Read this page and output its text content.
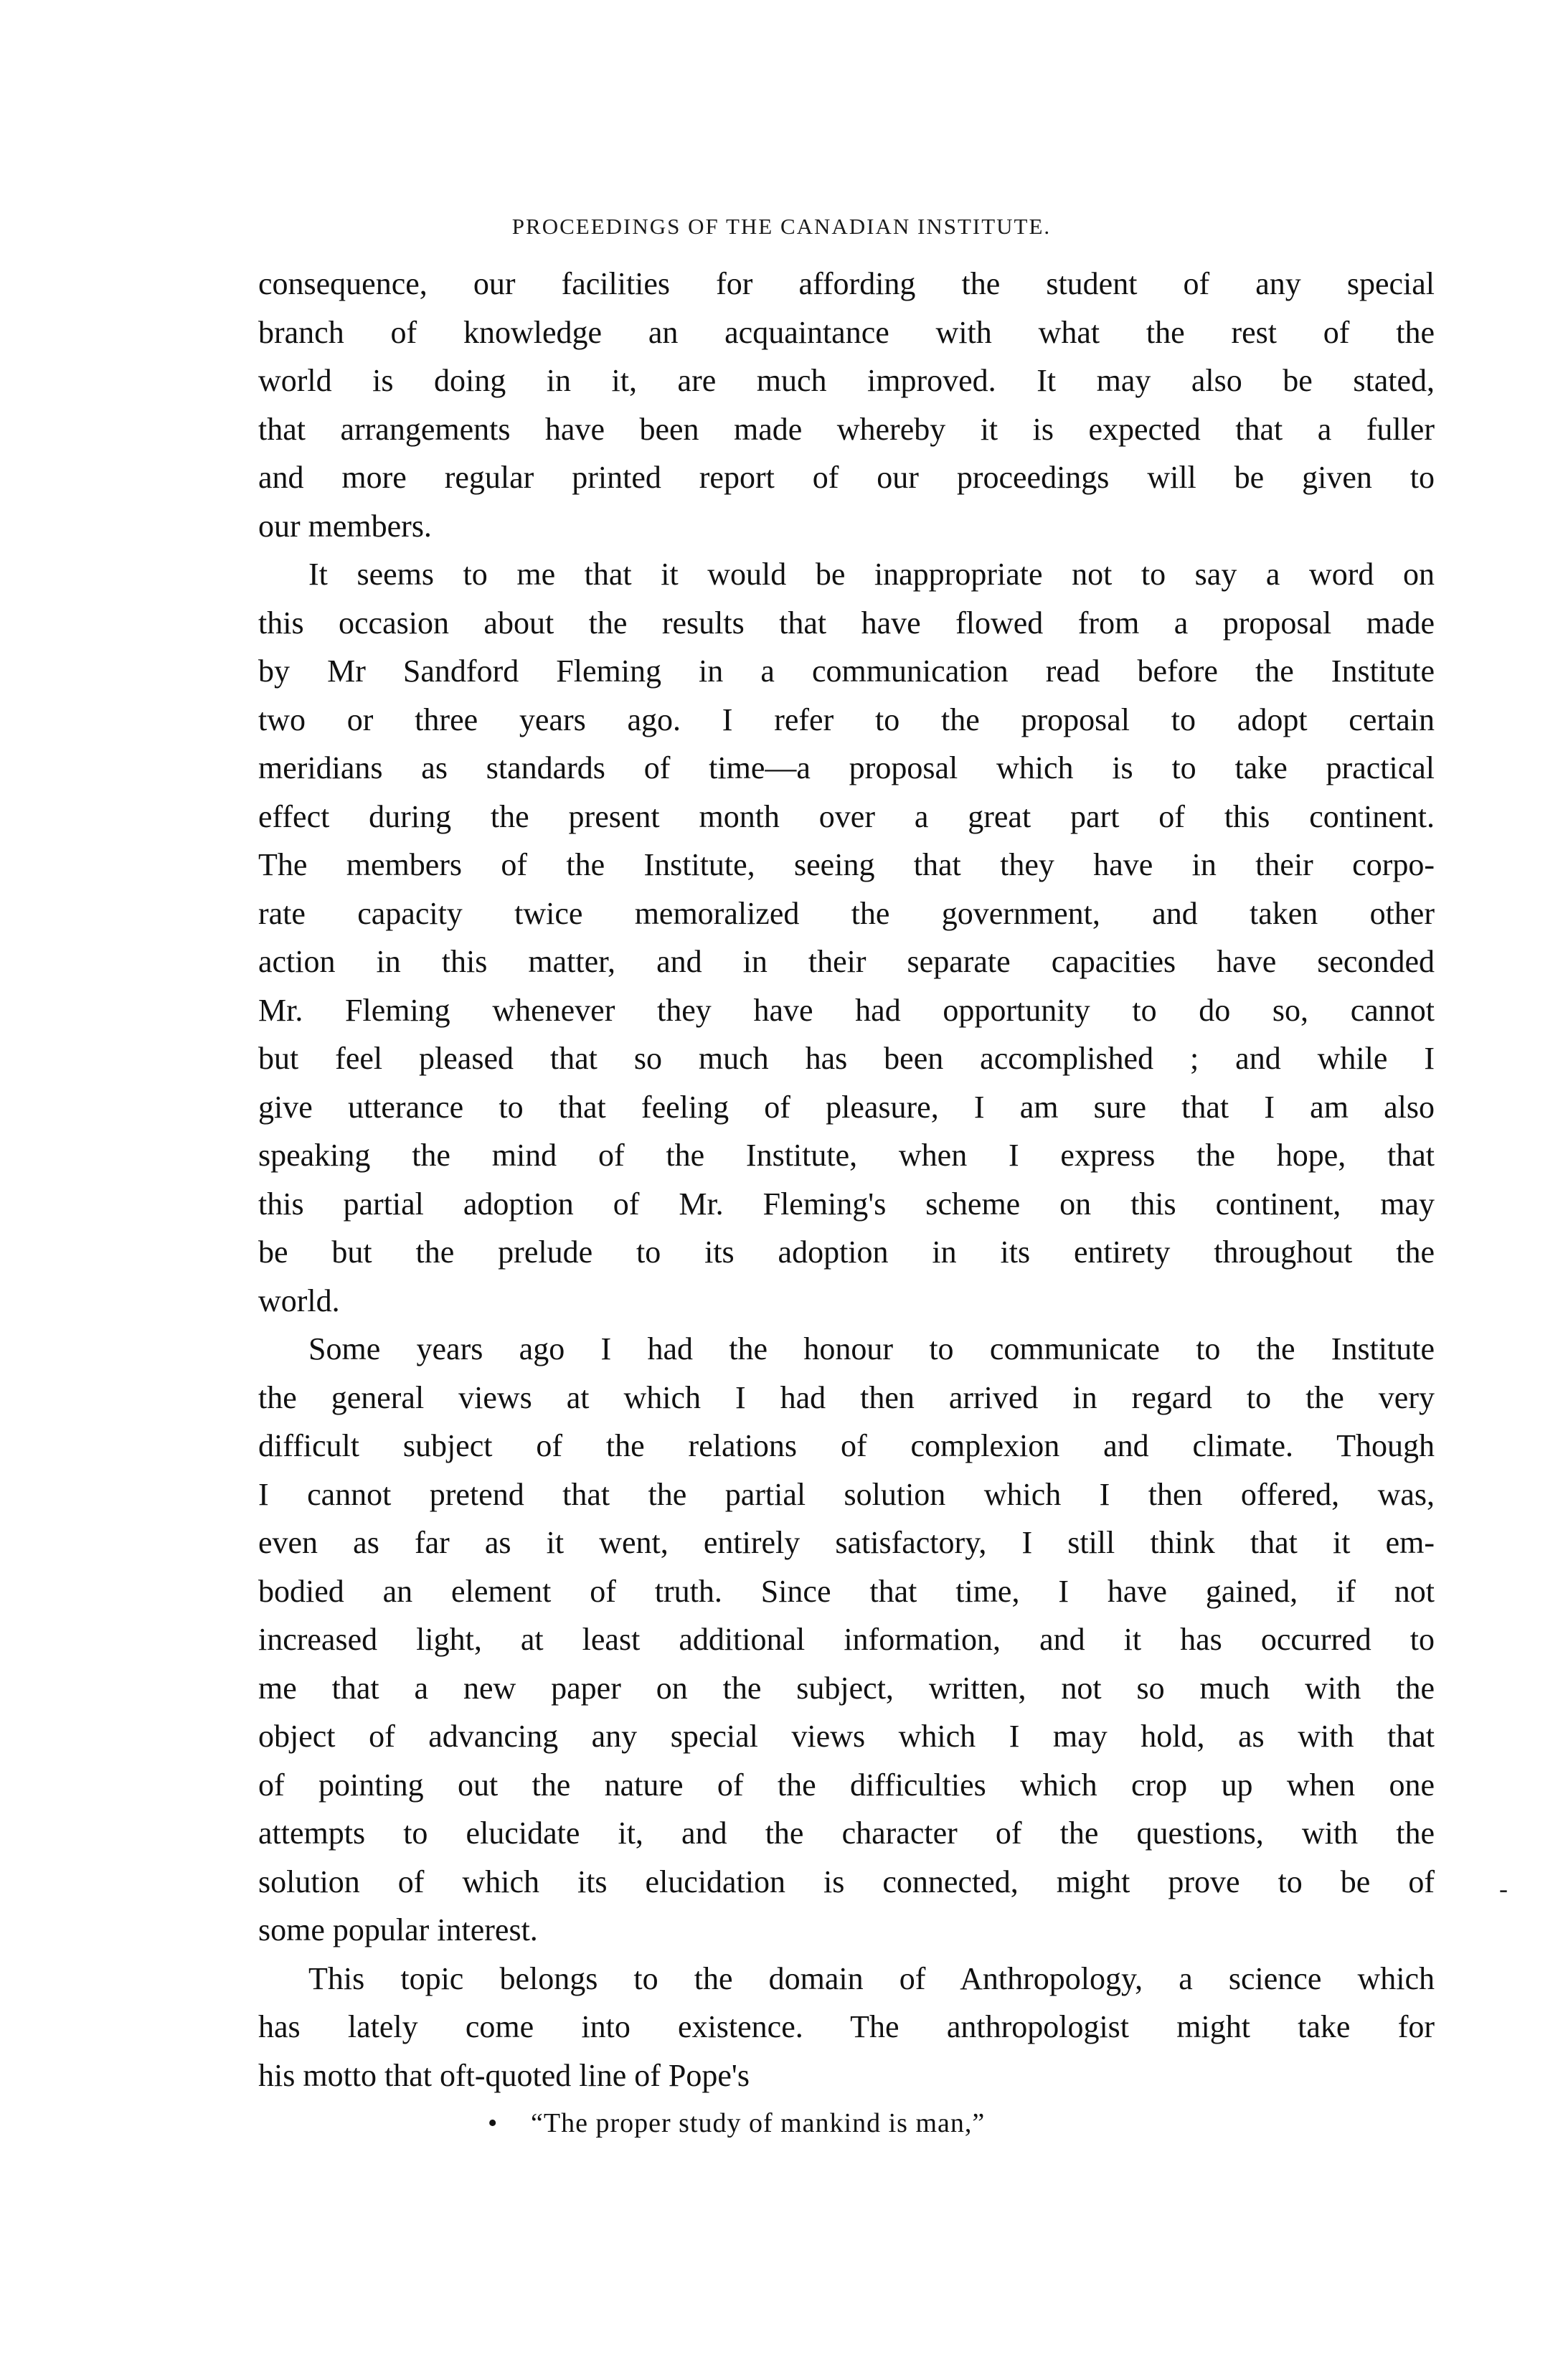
PROCEEDINGS OF THE CANADIAN INSTITUTE.
consequence, our facilities for affording the student of any special
branch of knowledge an acquaintance with what the rest of the
world is doing in it, are much improved. It may also be stated,
that arrangements have been made whereby it is expected that a fuller
and more regular printed report of our proceedings will be given to
our members.
It seems to me that it would be inappropriate not to say a word on
this occasion about the results that have flowed from a proposal made
by Mr Sandford Fleming in a communication read before the Institute
two or three years ago. I refer to the proposal to adopt certain
meridians as standards of time—a proposal which is to take practical
effect during the present month over a great part of this continent.
The members of the Institute, seeing that they have in their corpo-
rate capacity twice memoralized the government, and taken other
action in this matter, and in their separate capacities have seconded
Mr. Fleming whenever they have had opportunity to do so, cannot
but feel pleased that so much has been accomplished ; and while I
give utterance to that feeling of pleasure, I am sure that I am also
speaking the mind of the Institute, when I express the hope, that
this partial adoption of Mr. Fleming's scheme on this continent, may
be but the prelude to its adoption in its entirety throughout the
world.
Some years ago I had the honour to communicate to the Institute
the general views at which I had then arrived in regard to the very
difficult subject of the relations of complexion and climate. Though
I cannot pretend that the partial solution which I then offered, was,
even as far as it went, entirely satisfactory, I still think that it em-
bodied an element of truth. Since that time, I have gained, if not
increased light, at least additional information, and it has occurred to
me that a new paper on the subject, written, not so much with the
object of advancing any special views which I may hold, as with that
of pointing out the nature of the difficulties which crop up when one
attempts to elucidate it, and the character of the questions, with the
solution of which its elucidation is connected, might prove to be of
some popular interest.
This topic belongs to the domain of Anthropology, a science which
has lately come into existence. The anthropologist might take for
his motto that oft-quoted line of Pope's
• “The proper study of mankind is man,”
-
